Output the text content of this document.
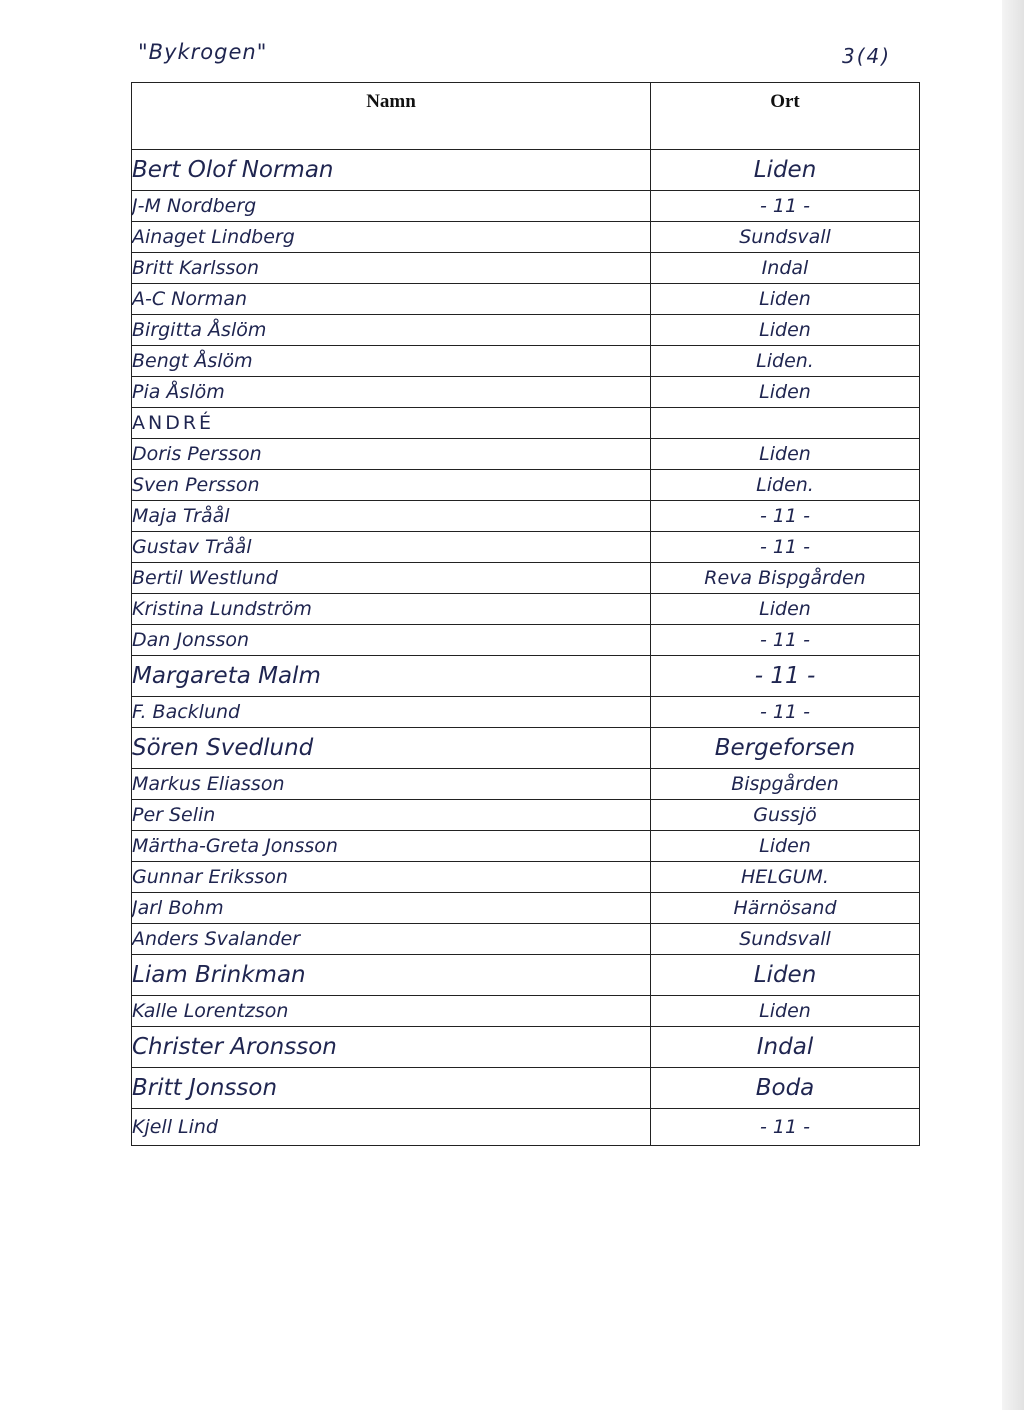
"Bykrogen"	3(4)
Namn	Ort
Bert Olof Norman	Liden
J-M Nordberg	- 11 -
Ainaget Lindberg	Sundsvall
Britt Karlsson	Indal
A-C Norman	Liden
Birgitta Åslöm	Liden
Bengt Åslöm	Liden.
Pia Åslöm	Liden
ANDRÉ	
Doris Persson	Liden
Sven Persson	Liden.
Maja Tråål	- 11 -
Gustav Tråål	- 11 -
Bertil Westlund	Reva Bispgården
Kristina Lundström	Liden
Dan Jonsson	- 11 -
Margareta Malm	- 11 -
F. Backlund	- 11 -
Sören Svedlund	Bergeforsen
Markus Eliasson	Bispgården
Per Selin	Gussjö
Märtha-Greta Jonsson	Liden
Gunnar Eriksson	HELGUM.
Jarl Bohm	Härnösand
Anders Svalander	Sundsvall
Liam Brinkman	Liden
Kalle Lorentzson	Liden
Christer Aronsson	Indal
Britt Jonsson	Boda
Kjell Lind	- 11 -
